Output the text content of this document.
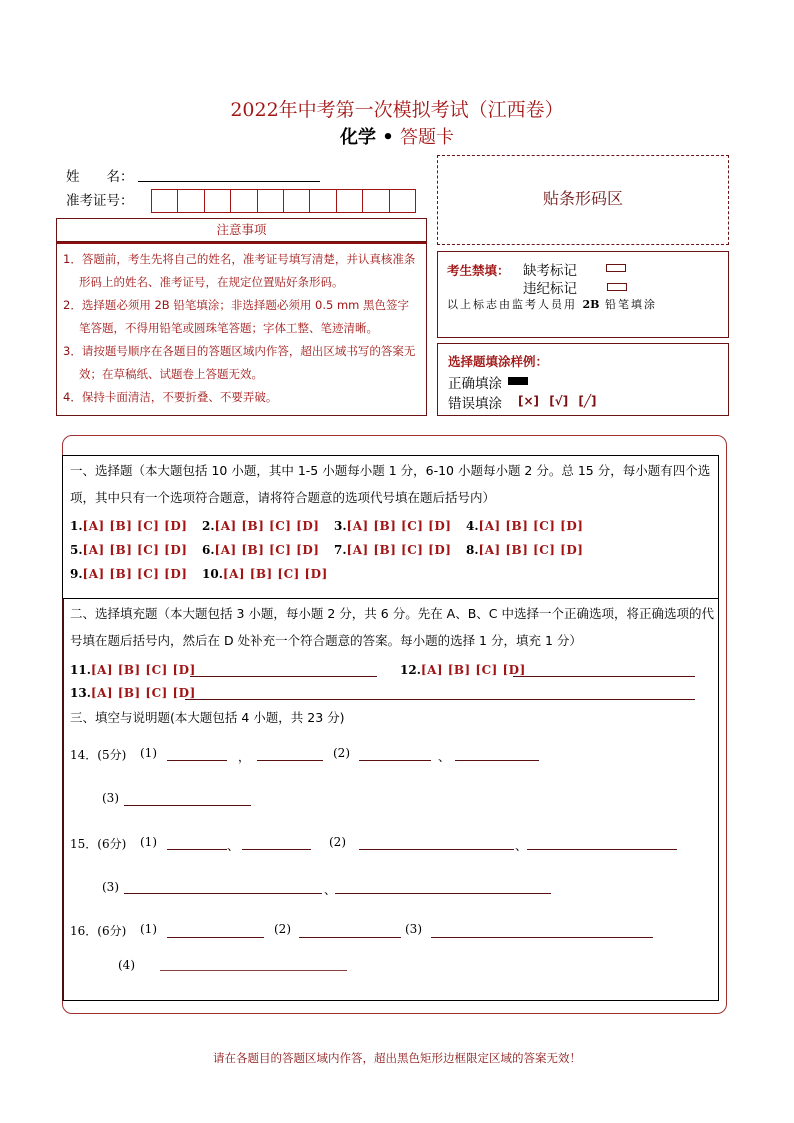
2022年中考第一次模拟考试（江西卷）
化学 • 答题卡
姓　　名：
准考证号：
注意事项
1．答题前，考生先将自己的姓名，准考证号填写清楚，并认真核准条形码上的姓名、准考证号，在规定位置贴好条形码。
2．选择题必须用 2B 铅笔填涂；非选择题必须用 0.5 mm 黑色签字笔答题，不得用铅笔或圆珠笔答题；字体工整、笔迹清晰。
3．请按题号顺序在各题目的答题区域内作答，超出区域书写的答案无效；在草稿纸、试题卷上答题无效。
4．保持卡面清洁，不要折叠、不要弄破。
贴条形码区
考生禁填： 缺考标记
违纪标记
以上标志由监考人员用 2B 铅笔填涂
选择题填涂样例：
正确填涂
错误填涂 [×] [√] [╱]
一、选择题（本大题包括 10 小题，其中 1-5 小题每小题 1 分，6-10 小题每小题 2 分。总 15 分，每小题有四个选项，其中只有一个选项符合题意，请将符合题意的选项代号填在题后括号内）
1.[A] [B] [C] [D] 2.[A] [B] [C] [D] 3.[A] [B] [C] [D] 4.[A] [B] [C] [D]
5.[A] [B] [C] [D] 6.[A] [B] [C] [D] 7.[A] [B] [C] [D] 8.[A] [B] [C] [D]
9.[A] [B] [C] [D] 10.[A] [B] [C] [D]
二、选择填充题（本大题包括 3 小题，每小题 2 分，共 6 分。先在 A、B、C 中选择一个正确选项，将正确选项的代号填在题后括号内，然后在 D 处补充一个符合题意的答案。每小题的选择 1 分，填充 1 分）
11.[A] [B] [C] [D]	12.[A] [B] [C] [D]
13.[A] [B] [C] [D]
三、填空与说明题(本大题包括 4 小题，共 23 分)
14．(5分) (1)	，	(2)	、
(3)
15．(6分) (1)	、	(2)	、
(3)	、
16．(6分) (1)	(2)	(3)
(4)
请在各题目的答题区域内作答，超出黑色矩形边框限定区域的答案无效！
